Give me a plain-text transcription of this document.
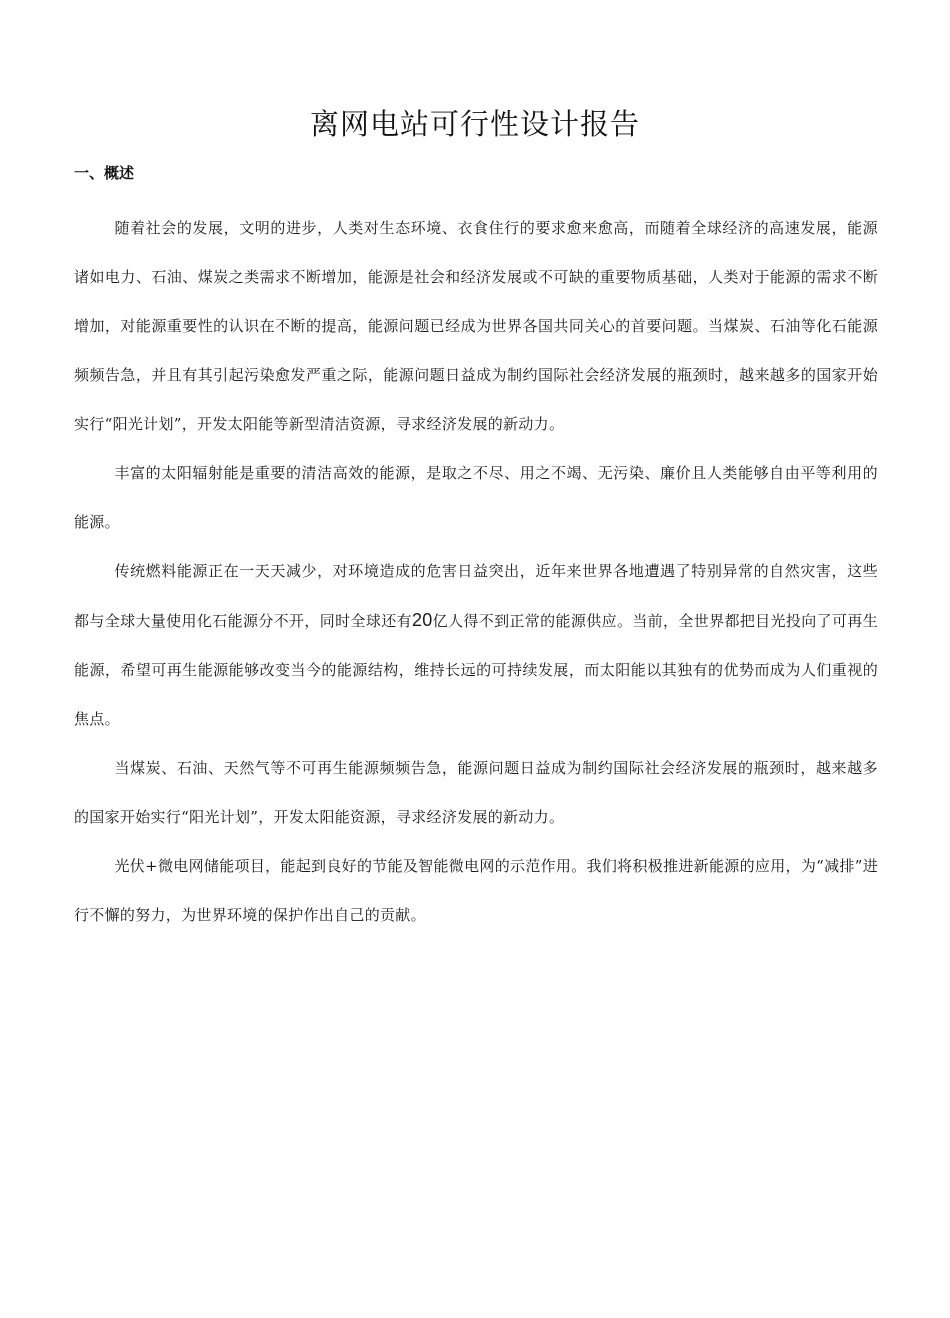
离网电站可行性设计报告
一、概述

随着社会的发展，文明的进步，人类对生态环境、衣食住行的要求愈来愈高，而随着全球经济的高速发展，能源诸如电力、石油、煤炭之类需求不断增加，能源是社会和经济发展或不可缺的重要物质基础，人类对于能源的需求不断增加，对能源重要性的认识在不断的提高，能源问题已经成为世界各国共同关心的首要问题。当煤炭、石油等化石能源频频告急，并且有其引起污染愈发严重之际，能源问题日益成为制约国际社会经济发展的瓶颈时，越来越多的国家开始实行“阳光计划”，开发太阳能等新型清洁资源，寻求经济发展的新动力。

丰富的太阳辐射能是重要的清洁高效的能源，是取之不尽、用之不竭、无污染、廉价且人类能够自由平等利用的能源。

传统燃料能源正在一天天减少，对环境造成的危害日益突出，近年来世界各地遭遇了特别异常的自然灾害，这些都与全球大量使用化石能源分不开，同时全球还有20亿人得不到正常的能源供应。当前，全世界都把目光投向了可再生能源，希望可再生能源能够改变当今的能源结构，维持长远的可持续发展，而太阳能以其独有的优势而成为人们重视的焦点。

当煤炭、石油、天然气等不可再生能源频频告急，能源问题日益成为制约国际社会经济发展的瓶颈时，越来越多的国家开始实行“阳光计划”，开发太阳能资源，寻求经济发展的新动力。

光伏+微电网储能项目，能起到良好的节能及智能微电网的示范作用。我们将积极推进新能源的应用，为“减排”进行不懈的努力，为世界环境的保护作出自己的贡献。
